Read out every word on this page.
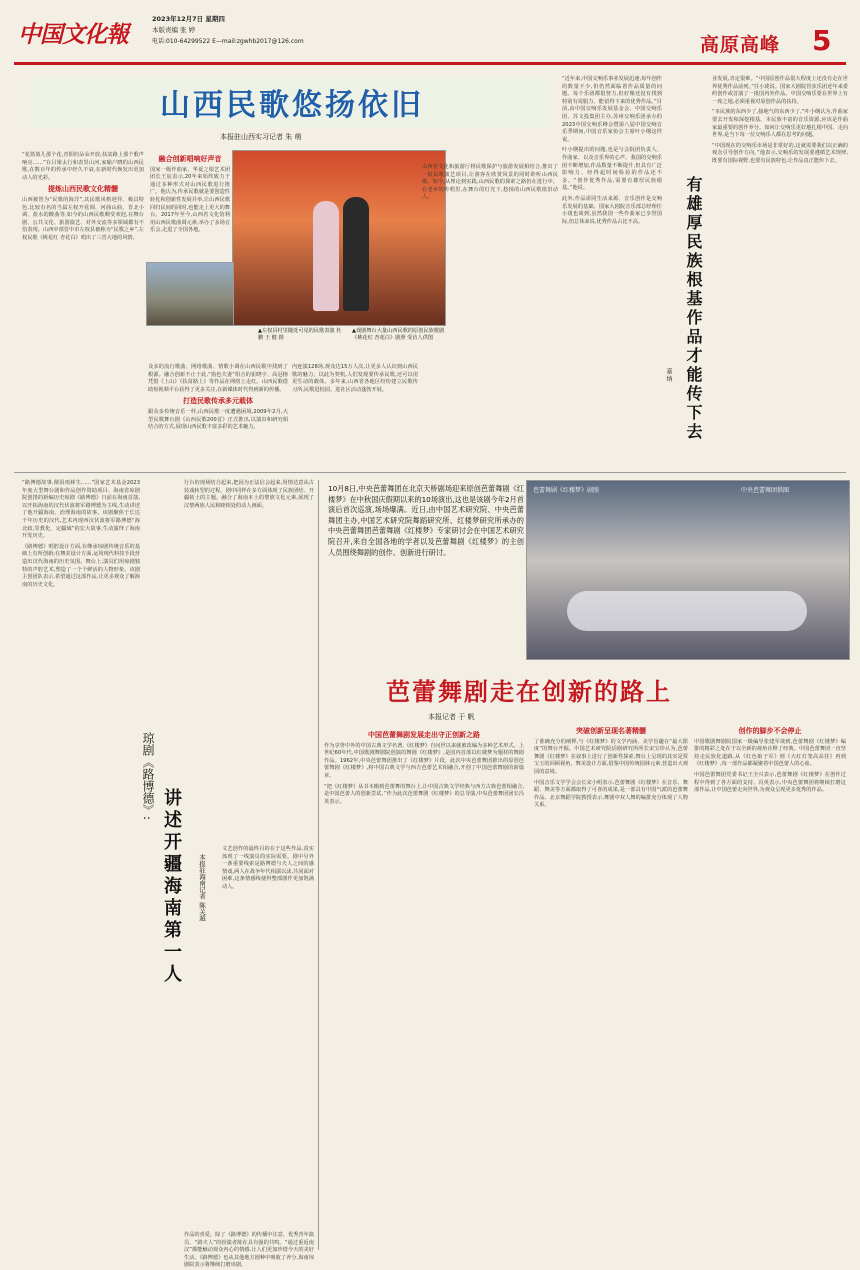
中国文化報
2023年12月7日 星期四
本版责编 张 婷
电话:010-64299522 E—mail:zgwhb2017@126.com	高原高峰 5
山西民歌悠扬依旧
本报驻山西实习记者 朱 萌

“花篮篮儿那个花,青阳的朵朵开放;扶贫路上那个歌声响亮……”在吕梁太行和表里山河,家喻户晓的山西民歌,在数百年的传承中经久不衰,在新时代焕发出更加动人的光彩。

提炼山西民歌文化精髓

山西被誉为“民歌的海洋”,其民歌风格迥异、极具特色,比较有名的当属左权开花调、河曲山曲、晋北小调、盐水的酸曲等,如今的山西民歌颇受欢迎,在舞台剧、公共文化、旅游演艺、对外交流等多领域都有不俗表现。山西中部晋中市左权县被称为“民歌之乡”,左权民歌《桃花红 杏花白》唱出了三晋大地的风情。

▲左权县村里随处可见的民歌表演 杜 鹏 王 健 摄
▲戏剧舞台大量山西民歌的原创民族歌剧《桃花红 杏花白》剧照 受访人供图
融合创新唱响好声音

国家一级作曲家、华夏之根艺术团团长王宸表示,20年来始终致力于通过多种形式对山西民歌进行推广。他认为,传承民歌就是要创造性转化和创新性发展并举,让山西民歌回归民间的同时,也能走上更大的舞台。2017年至今,山西省文化馆利用山西民歌曲调元素,举办了多场音乐会,走进了全国各地。

众多的流行歌曲、网络歌曲、情歌小调在山西民歌中找到了根源。融合创新不止于此,“指色夫妻”组合的崔晓宇、高冠榕凭借《上山》《扶贫路上》等作品在网络上走红。山西民歌借助短视频平台获得了更多关注,在新媒体时代得到新的传播。

打造民歌传承多元载体

跟众多传统音乐一样,山西民歌一度遭遇困境,2009年2月,大型民歌舞台剧《山西民歌200首》正式推出,以演出和研究相结合的方式,展现山西民歌丰富多彩的艺术魅力。

内连演128场,观众达15万人次,让更多人认识到山西民歌的魅力。以此为契机,人们发现要传承民歌,还可以用更生动的载体。多年来,山西省各地区纷纷建立民歌传习所,民歌进校园、进社区活动蓬勃开展。

山西省文化和旅游厅将民歌保护与旅游发展相结合,推出了一批民歌演艺项目,让游客在欣赏风景的同时聆听山西民歌。如今,从理论到实践,山西民歌的探索之路仍在进行中。在老乡的传唱里,在舞台的灯光下,悠扬的山西民歌依旧动人。

“近年来,中国交响乐事业发展迅速,每年创作的数量不少,但仍然面临着作品质量的问题。每个乐团都很努力,但好像还没有找到特别有说服力、能留得下来的优秀作品。”目前,由中国交响乐发展基金会、中国交响乐团、苏文投集团主办,苏州交响乐团承办的2023中国交响乐峰会暨第八届中国交响音乐季期间,中国音乐家协会主席叶小纲这样说。

叶小纲提出的问题,也是与会院团负责人、作曲家、以及音乐界的心声。我国的交响乐团不断增加,作品数量不断提升,但具有广泛影响力、经得起时间检验的作品还不多。“创作优秀作品,需要有雄厚民族根基。”他说。

此外,作品需同生活来源、音乐创作是交响乐发展的基础。国家大剧院音乐部总经理任小珑也谈到,虽然我国一些作曲家已享誉国际,但总体来说,优秀作品占比不高。	有雄厚民族根基作品才能传下去
嘉 纳

业发展,肯定很难。“中国原创作品很大程度上还没有走在世界优秀作品前列。”任小珑说。国家大剧院管弦乐团近年来委约创作或首演了一批国内外作品。中国交响乐要在世界上有一席之地,必须重视对原创作品的扶持。

“本民族的东西少了,接地气的东西少了,”叶小纲认为,作曲家要去开发和深挖根基。本民族丰富的音乐资源,应该是作曲家最重要的创作养分。如何让交响乐更好地扎根中国、走向世界,是当下每一位交响乐人都在思考的问题。

“中国现在的交响乐市场是非常好的,这就需要我们以正确的观念引导创作方向。”他表示,交响乐的发展要遵循艺术规律,既要有国际视野,也要有民族特色,让作品真正能传下去。

“路博德故事,催泪雨林生……”国家艺术基金2023年度大型舞台剧和作品创作资助项目、海南省琼剧院创排的新编历史琼剧《路博德》日前在海南首演,以开拓海南的汉代伏波将军路博德为主线,生动讲述了他开疆海南、治理海南的故事。该剧聚焦于长达千年历史的汉代,艺术再现西汉伏波将军路博德“海北政,里教化、定疆域”的宏大故事,生动演绎了海南开发历史。

《路博德》唱腔设计方面,在继承琼剧传统音乐的基础上有所创新;在舞美设计方面,运用现代科技手段营造出汉代海南的历史氛围。舞台上,演员们用琼剧独特的声腔艺术,塑造了一个个鲜活的人物形象。该剧主创团队表示,希望通过这部作品,让更多观众了解海南的历史文化。

琼剧《路博德》:
讲述开疆海南第一人	本报驻海南记者 陈关超

行台的现场结合起来,把因为正法信会起来,用情达意从古装戏转型的过程。剧中同样在多方面体现了民族团结、开疆拓土的主题。融合了海南本土的黎族文化元素,展现了汉黎两族人民和睦相处的动人画面。

文艺创作的最终目的在于这些作品,真实体现了一线演员的实际需要。剧中另外一条重要线索是路博德与夫人之间的感情戏,两人在战争年代相濡以沫,共同面对困难,这条情感线使得整部剧作更加饱满动人。

作品的喜爱。除了《路博德》的传播中注意、优秀青年演员、“路夫人”的扮演者陈在具有强的共鸣。“通过重返南汉”都能触动观众内心的情感,让人们更加珍惜今天的美好生活。《路博德》也从其他地方剧种中吸收了养分,海南琼剧院表示将继续打磨该剧。

10月8日,中央芭蕾舞团在北京天桥剧场迎来原创芭蕾舞剧《红楼梦》在中秋国庆假期以来的10场演出,这也是该剧今年2月首演后首次巡演,场场爆满。近日,由中国艺术研究院、中央芭蕾舞团主办,中国艺术研究院舞蹈研究所、红楼梦研究所承办的中央芭蕾舞团芭蕾舞剧《红楼梦》专家研讨会在中国艺术研究院召开,来自全国各地的学者以及芭蕾舞剧《红楼梦》的主创人员围绕舞剧的创作、创新进行研讨。
芭蕾舞剧《红楼梦》剧照	中央芭蕾舞团供图
芭蕾舞剧走在创新的路上
本报记者 于 帆
中国芭蕾舞剧发展走出守正创新之路

作为享誉中外的中国古典文学名著,《红楼梦》自问世以来就被改编为多种艺术形式。上世纪60年代,中国歌剧舞剧院创演的舞剧《红楼梦》,是国内首部以红楼梦为题材的舞剧作品。1962年,中央芭蕾舞团推出了《红楼梦》片段。此次中央芭蕾舞团推出的原创芭蕾舞剧《红楼梦》,将中国古典文学与西方芭蕾艺术相融合,开创了中国芭蕾舞剧的新篇章。

“把《红楼梦》从书本搬到芭蕾舞的舞台上,让中国古典文学经典与西方古典芭蕾相融合,是中国芭蕾人的创新尝试。”作为此次芭蕾舞剧《红楼梦》的总导演,中央芭蕾舞团团长冯英表示。

突破创新呈现名著精髓

了准确充分的阐释,与《红楼梦》的文学内涵、美学旨趣在“最大限度”的舞台开掘。中国艺术研究院话剧研究所所长宋宝珍认为,芭蕾舞剧《红楼梦》在叙事上进行了创新性探索,舞台上呈现的其实是贾宝玉的回顾视角。舞美设计方面,借鉴中国传统园林元素,营造出大观园的意境。

中国音乐文学学会会长宋小明表示,芭蕾舞剧《红楼梦》在音乐、舞蹈、舞美等方面都取得了可喜的成果,是一部具有中国气派的芭蕾舞作品。北京舞蹈学院教授表示,舞剧中双人舞的编排充分体现了人物关系。

创作的脚步不会停止

中国歌剧舞剧院国家一级编导张建军谈到,芭蕾舞剧《红楼梦》编排的精彩之处在于以全新的视角诠释了经典。中国芭蕾舞团一直坚持走民族化道路,从《红色娘子军》到《大红灯笼高高挂》再到《红楼梦》,每一部作品都凝聚着中国芭蕾人的心血。

中国芭蕾舞团党委书记王全兴表示,芭蕾舞剧《红楼梦》在创作过程中得到了各方面的支持。冯英表示,中央芭蕾舞团将继续打磨这部作品,让中国芭蕾走向世界,为观众呈现更多优秀的作品。
